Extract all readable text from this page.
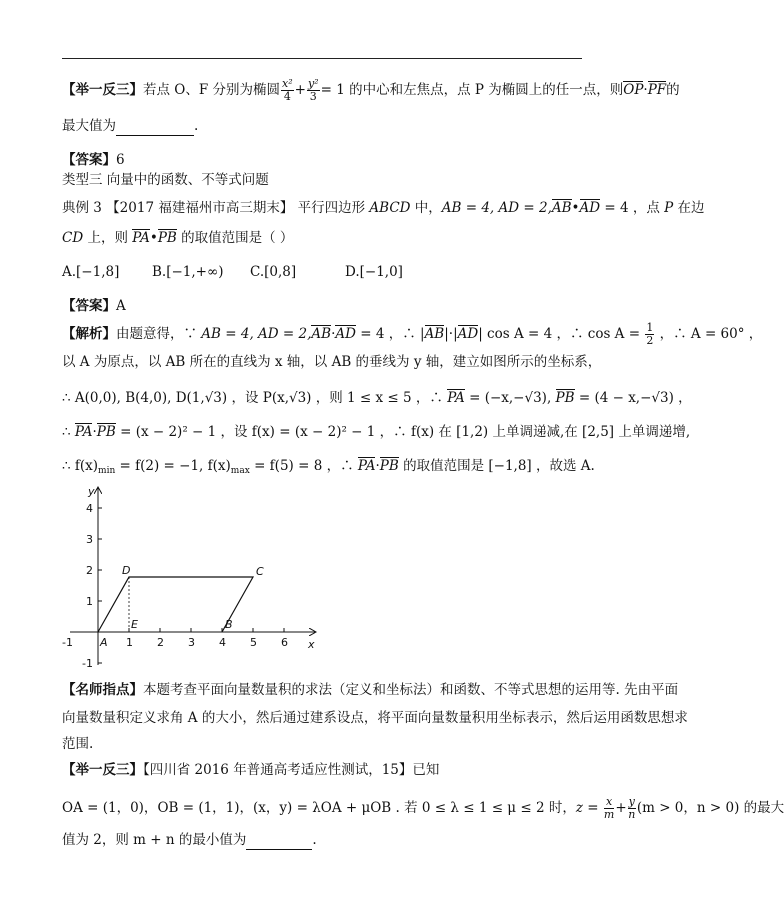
【举一反三】若点 O、F 分别为椭圆 $\frac{\text{x²}}{4} + \frac{\text{y²}}{3} = 1$ 的中心和左焦点，点 P 为椭圆上的任一点，则OP·PF的
最大值为	.
【答案】6
类型三 向量中的函数、不等式问题
典例 3 【2017 福建福州市高三期末】 平行四边形 ABCD 中，AB = 4, AD = 2,AB•AD = 4 ，点 P 在边
CD 上，则 PA•PB 的取值范围是（ ）
A.[−1,8] B.[−1,+∞) C.[0,8]	D.[−1,0]
【答案】A
【解析】由题意得，∵ AB = 4, AD = 2,AB·AD = 4 ，∴ |AB|·|AD| cos A = 4 ，∴ $\cos A = \frac{1}{2}$ ，∴ A = 60° ，
以 A 为原点，以 AB 所在的直线为 x 轴，以 AB 的垂线为 y 轴，建立如图所示的坐标系，
∴ A(0,0), B(4,0), D(1,√3) ，设 P(x,√3) ，则 1 ≤ x ≤ 5 ，∴ PA = (−x,−√3), PB = (4 − x,−√3) ，
∴ PA·PB = (x − 2)² − 1 ，设 f(x) = (x − 2)² − 1 ，∴ f(x) 在 [1,2) 上单调递减,在 [2,5] 上单调递增,
∴ $f(x)_{min} = f(2) = -1$, $f(x)_{max} = f(5) = 8$ ，∴ PA·PB 的取值范围是 [−1,8] ，故选 A.
y
x
4
3
2
1
-1
-1	1 2 3 4 5 6
A
D	C
E	B
【名师指点】本题考查平面向量数量积的求法（定义和坐标法）和函数、不等式思想的运用等. 先由平面
向量数量积定义求角 A 的大小，然后通过建系设点，将平面向量数量积用坐标表示，然后运用函数思想求
范围.
【举一反三】【四川省 2016 年普通高考适应性测试，15】已知
OA = (1，0)，OB = (1，1)，(x，y) = λOA + μOB . 若 0 ≤ λ ≤ 1 ≤ μ ≤ 2 时，$z = \frac{x}{m} + \frac{y}{n} (m > 0$，n > 0) 的最大
值为 2，则 m + n 的最小值为	.
